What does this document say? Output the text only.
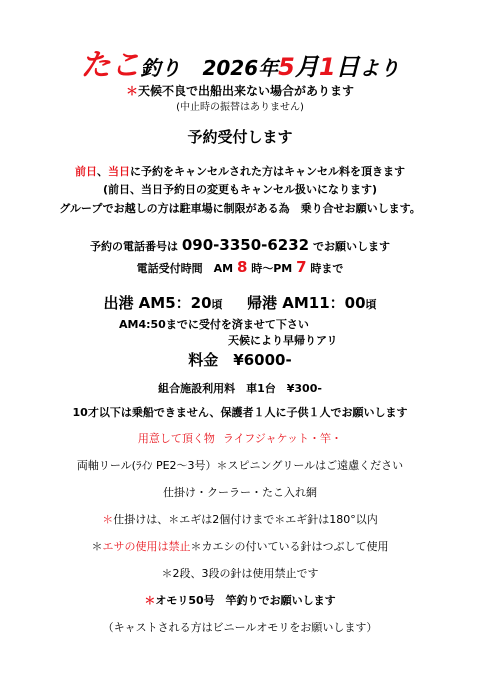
たこ釣り 2026年5月1日より
＊天候不良で出船出来ない場合があります
(中止時の振替はありません)
予約受付します
前日、当日に予約をキャンセルされた方はキャンセル料を頂きます
(前日、当日予約日の変更もキャンセル扱いになります)
グループでお越しの方は駐車場に制限がある為　乗り合せお願いします。
予約の電話番号は 090-3350-6232 でお願いします
電話受付時間　AM 8 時～PM 7 時まで
出港 AM5：20頃 帰港 AM11：00頃
AM4:50までに受付を済ませて下さい
天候により早帰りアリ
料金　¥6000-
組合施設利用料　車1台　¥300-
10才以下は乗船できません、保護者１人に子供１人でお願いします
用意して頂く物 ライフジャケット・竿・
両軸リール(ﾗｲﾝ PE2～3号）＊スピニングリールはご遠慮ください
仕掛け・クーラー・たこ入れ網
＊仕掛けは、＊エギは2個付けまで＊エギ針は180°以内
＊エサの使用は禁止＊カエシの付いている針はつぶして使用
＊2段、3段の針は使用禁止です
＊オモリ50号　竿釣りでお願いします
（キャストされる方はビニールオモリをお願いします）
